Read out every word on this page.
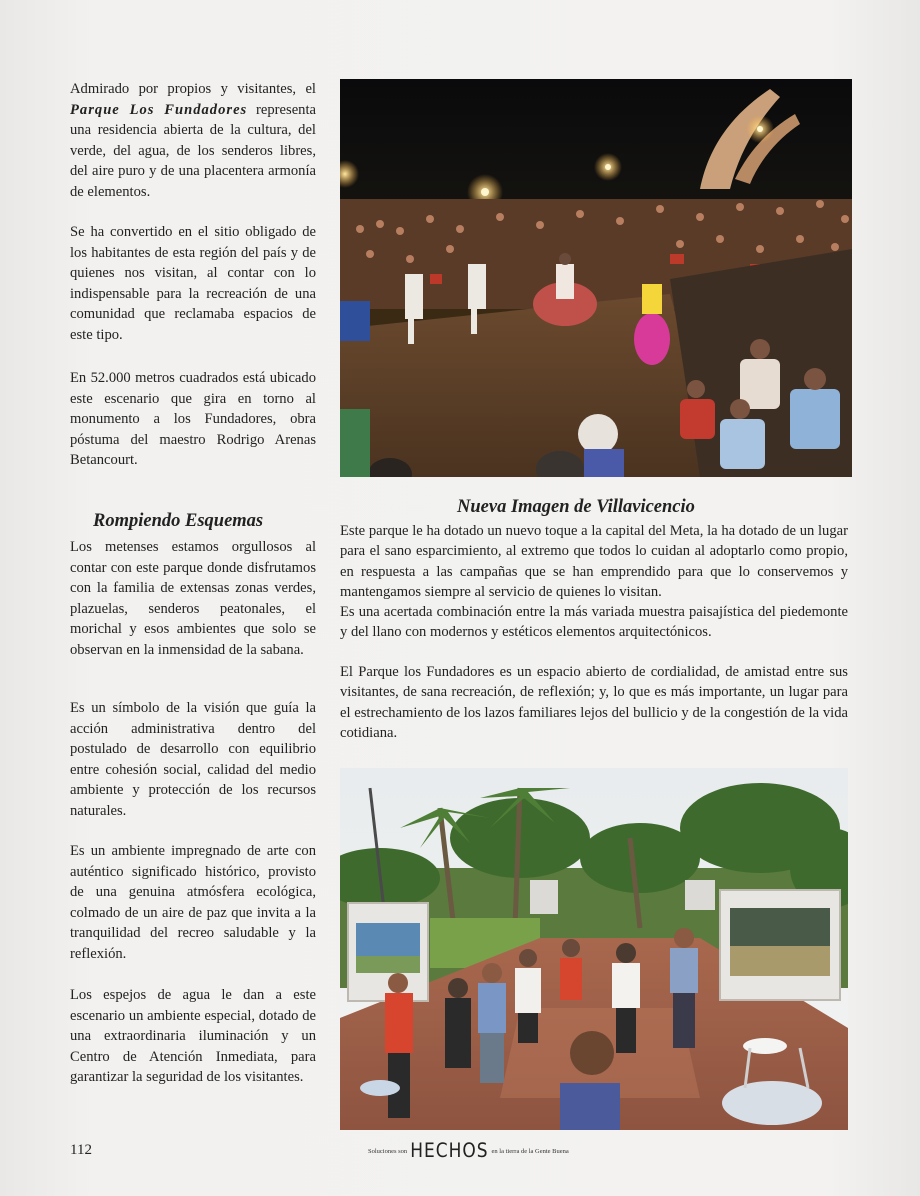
Admirado por propios y visitantes, el Parque Los Fundadores representa una residencia abierta de la cultura, del verde, del agua, de los senderos libres, del aire puro y de una placentera armonía de elementos.

Se ha convertido en el sitio obligado de los habitantes de esta región del país y de quienes nos visitan, al contar con lo indispensable para la recreación de una comunidad que reclamaba espacios de este tipo.

En 52.000 metros cuadrados está ubicado este escenario que gira en torno al monumento a los Fundadores, obra póstuma del maestro Rodrigo Arenas Betancourt.

Rompiendo Esquemas

Los metenses estamos orgullosos al contar con este parque donde disfrutamos con la familia de extensas zonas verdes, plazuelas, senderos peatonales, el morichal y esos ambientes que solo se observan en la inmensidad de la sabana.

Es un símbolo de la visión que guía la acción administrativa dentro del postulado de desarrollo con equilibrio entre cohesión social, calidad del medio ambiente y protección de los recursos naturales.

Es un ambiente impregnado de arte con auténtico significado histórico, provisto de una genuina atmósfera ecológica, colmado de un aire de paz que invita a la tranquilidad del recreo saludable y la reflexión.

Los espejos de agua le dan a este escenario un ambiente especial, dotado de una extraordinaria iluminación y un Centro de Atención Inmediata, para garantizar la seguridad de los visitantes.

Nueva Imagen de Villavicencio

Este parque le ha dotado un nuevo toque a la capital del Meta, la ha dotado de un lugar para el sano esparcimiento, al extremo que todos lo cuidan al adoptarlo como propio, en respuesta a las campañas que se han emprendido para que lo conservemos y mantengamos siempre al servicio de quienes lo visitan.

Es una acertada combinación entre la más variada muestra paisajística del piedemonte y del llano con modernos y estéticos elementos arquitectónicos.

El Parque los Fundadores es un espacio abierto de cordialidad, de amistad entre sus visitantes, de sana recreación, de reflexión; y, lo que es más importante, un lugar para el estrechamiento de los lazos familiares lejos del bullicio y de la congestión de la vida cotidiana.

112	Soluciones son HECHOS en la tierra de la Gente Buena
